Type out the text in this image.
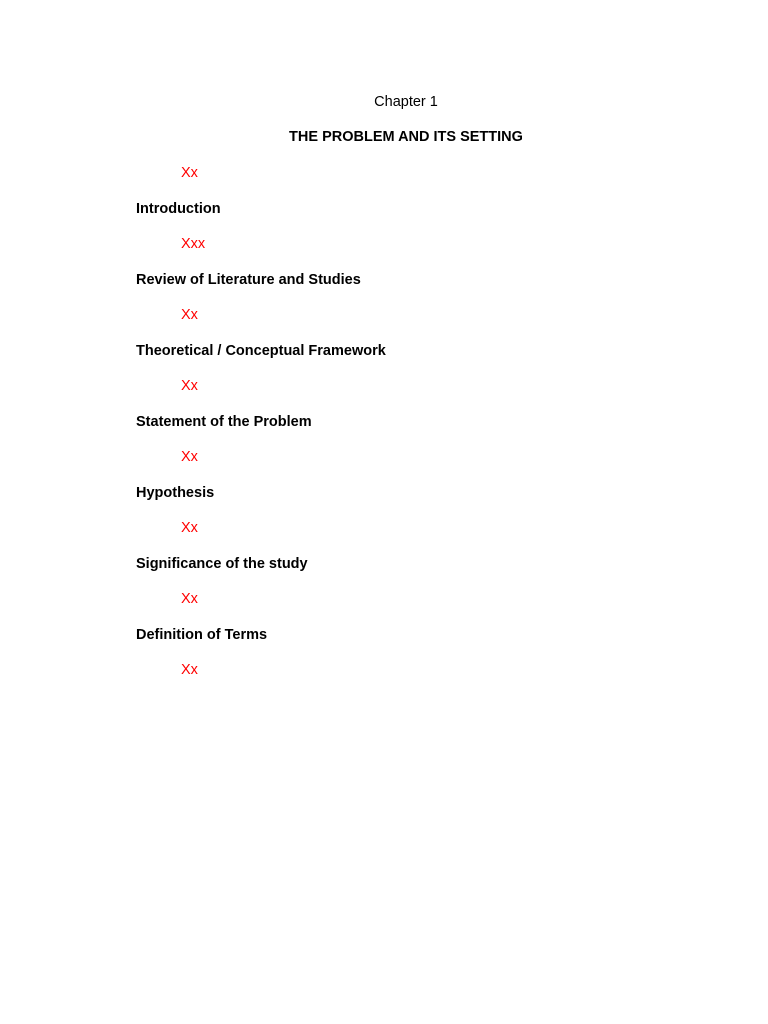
Chapter 1
THE PROBLEM AND ITS SETTING
Xx
Introduction
Xxx
Review of Literature and Studies
Xx
Theoretical / Conceptual Framework
Xx
Statement of the Problem
Xx
Hypothesis
Xx
Significance of the study
Xx
Definition of Terms
Xx
